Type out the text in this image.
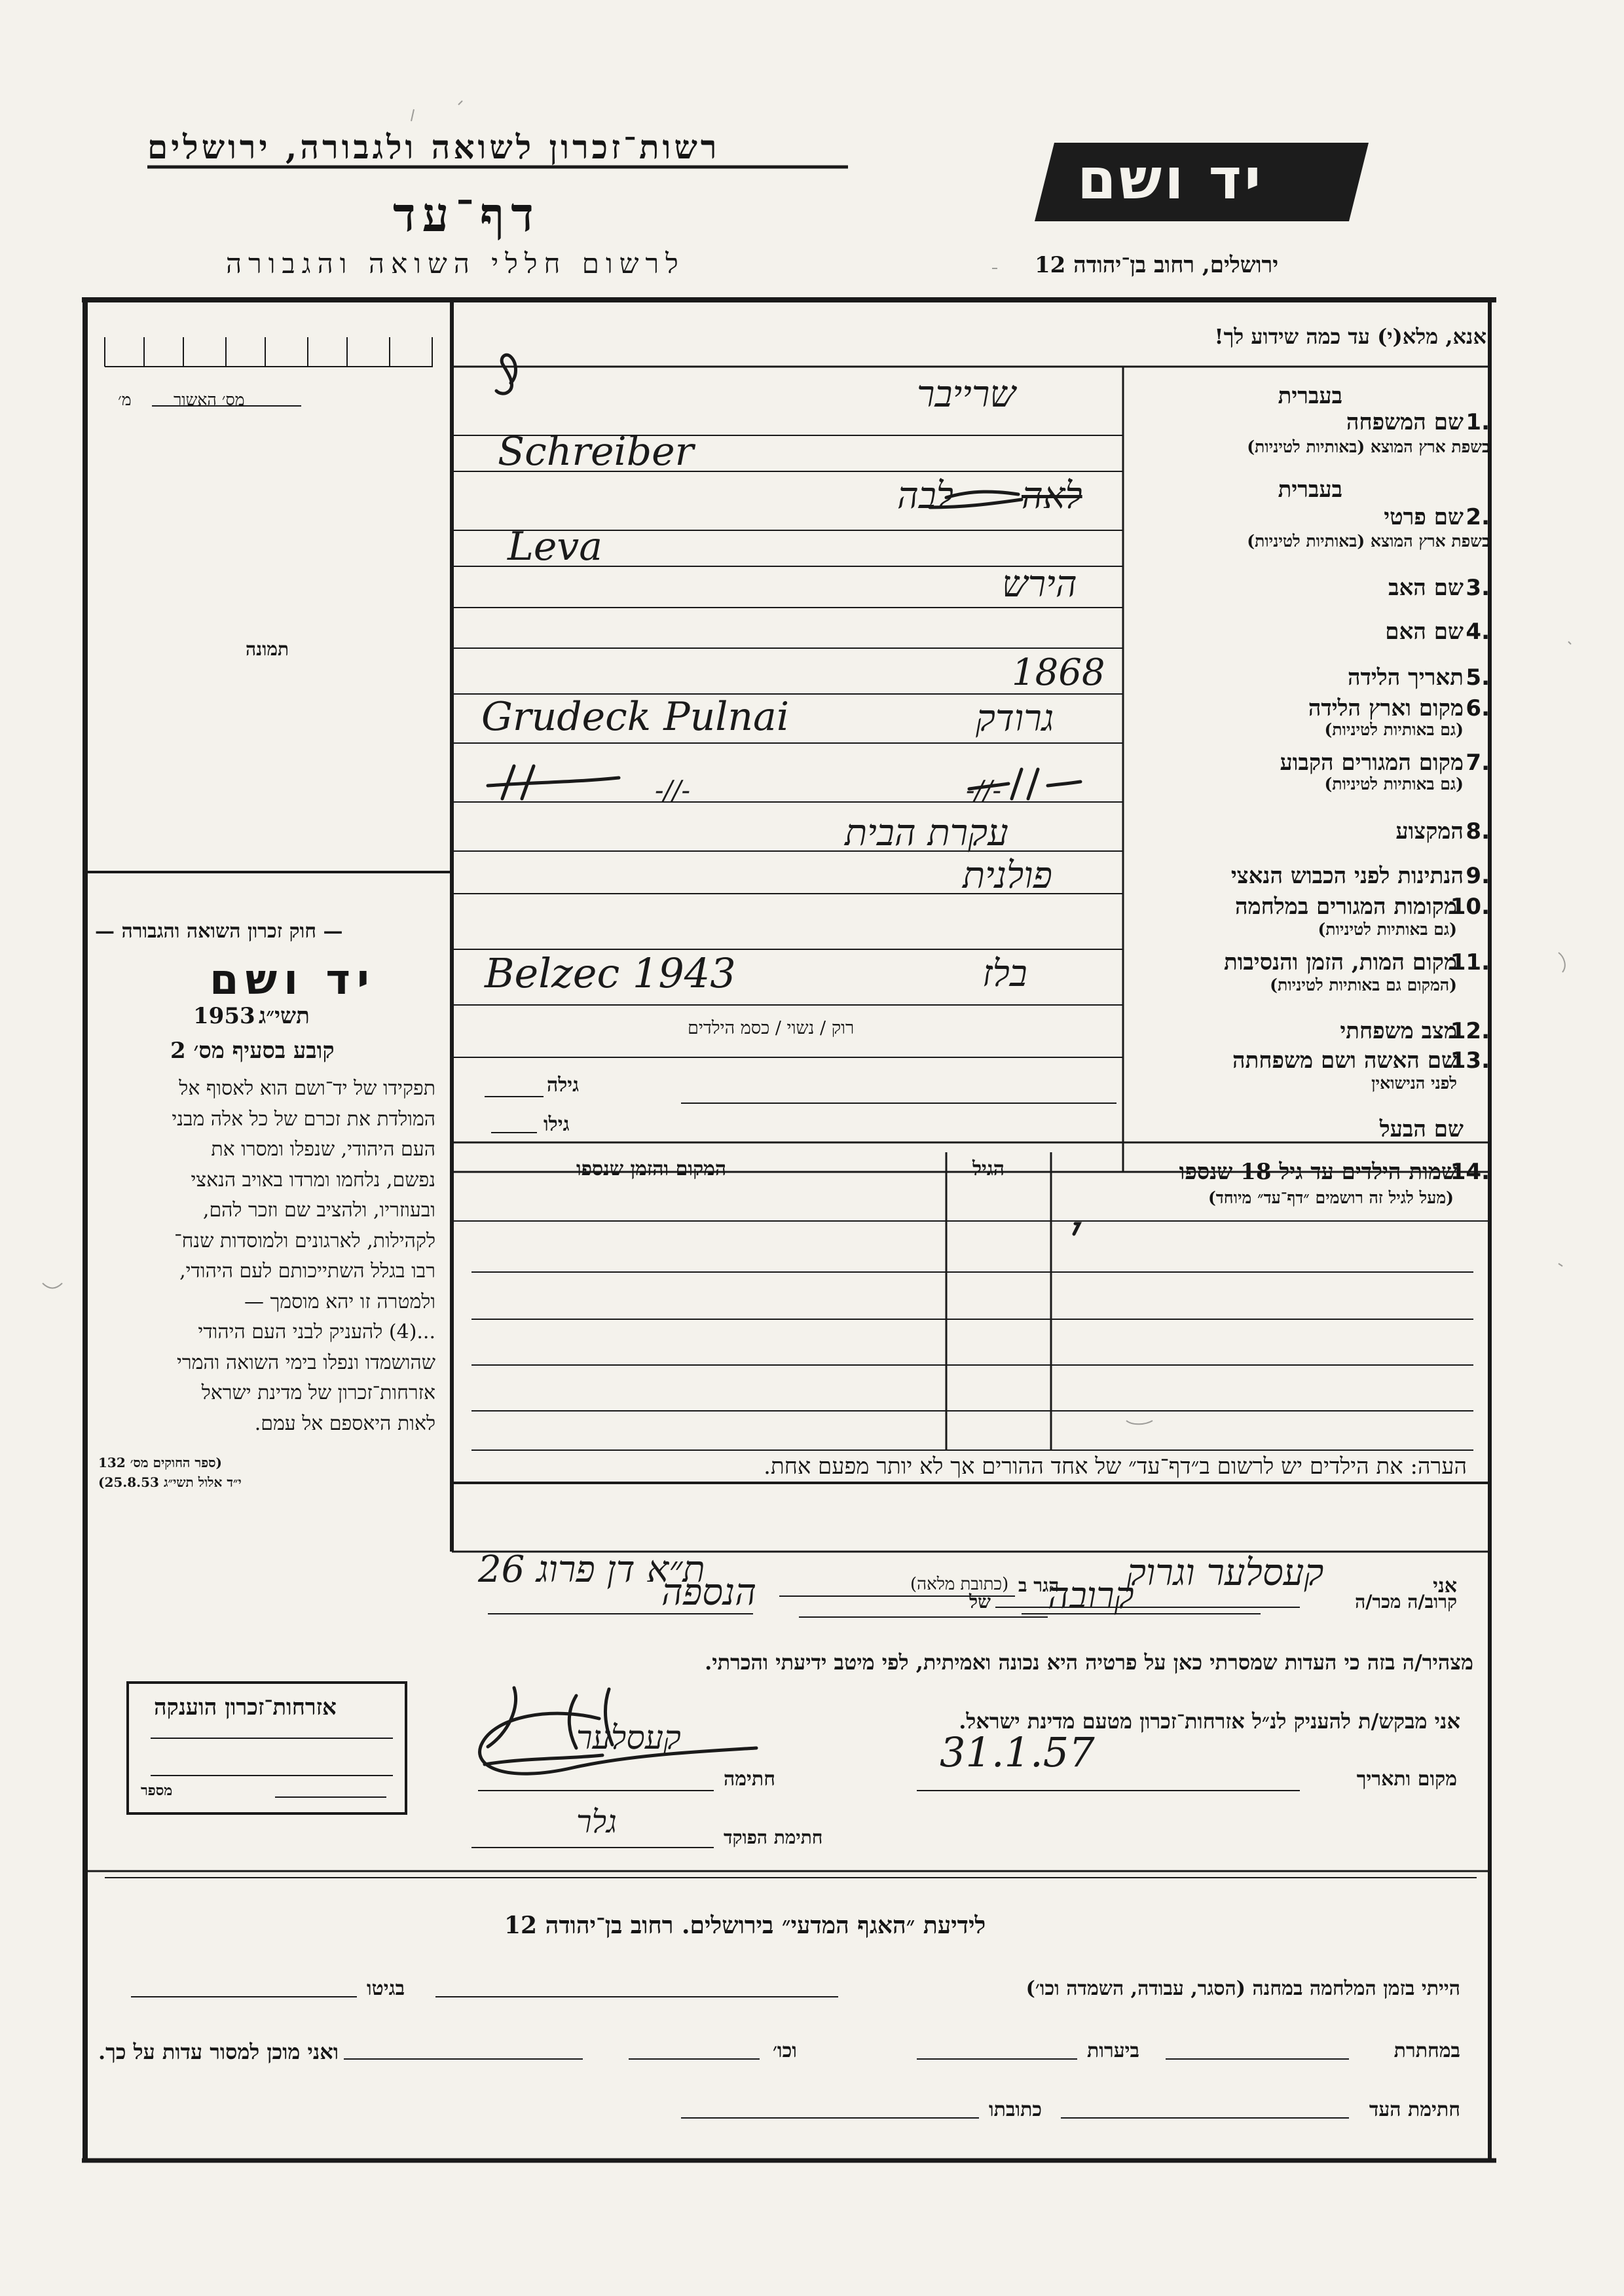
רשות־זכרון לשואה ולגבורה, ירושלים
דף־עד
לרשום חללי השואה והגבורה
יד ושם
ירושלים, רחוב בן־יהודה 12
אנא, מלא(י) עד כמה שידוע לך!
מס׳ האשור
מ׳
תמונה
בעברית
1.
שם המשפחה
בשפת ארץ המוצא (באותיות לטיניות)
שרייבר
Schreiber
בעברית
2.
שם פרטי
בשפת ארץ המוצא (באותיות לטיניות)
לבה לאה
Leva
3.
שם האב
הירש
4.
שם האם
5.
תאריך הלידה
1868
6.
מקום וארץ הלידה
(גם באותיות לטיניות)
גרודק
Grudeck Pulnai
7.
מקום המגורים הקבוע
(גם באותיות לטיניות)
-//-
-//-
8.
המקצוע
עקרת הבית
9.
הנתינות לפני הכבוש הנאצי
פולנית
10.
מקומות המגורים במלחמה
(גם באותיות לטיניות)
11.
מקום המות, הזמן והנסיבות
(המקום גם באותיות לטיניות)
בלז
Belzec 1943
רוק / נשוי / כסמ הילדים	12.
מצב משפחתי
13.
שם האשה ושם משפחתה
לפני הנישואין
גילה
שם הבעל
גילו
14.
שמות הילדים עד גיל 18 שנספו
(מעל לגיל זה רושמים ״דף־עד״ מיוחד)
הגיל
המקום והזמן שנספו
הערה: את הילדים יש לרשום ב״דף־עד״ של אחד ההורים אך לא יותר מפעם אחת.
— חוק זכרון השואה והגבורה —
יד ושם
1953 תשי״ג
קובע בסעיף מס׳ 2
תפקידו של יד־ושם הוא לאסוף אל
המולדת את זכרם של כל אלה מבני
העם היהודי, שנפלו ומסרו את
נפשם, נלחמו ומרדו באויב הנאצי
ובעוזריו, ולהציב שם וזכר להם,
לקהילות, לארגונים ולמוסדות שנח־
רבו בגלל השתייכותם לעם היהודי,
ולמטרה זו יהא מוסמך —
...(4) להעניק לבני העם היהודי
שהושמדו ונפלו בימי השואה והמרי
אזרחות־זכרון של מדינת ישראל
לאות היאספם אל עמם.
(ספר החוקים מס׳ 132
י״ד אלול תשי״ג 25.8.53)
אזרחות־זכרון הוענקה
מספר
אני
קעסלער וגרוק
הגר ב
(כתובת מלאה)
ת״א דן פרוג 26
קרוב/ה מכר/ה
קרובה
של
הנספה
מצהיר/ה בזה כי העדות שמסרתי כאן על פרטיה היא נכונה ואמיתית, לפי מיטב ידיעתי והכרתי.
אני מבקש/ת להעניק לנ״ל אזרחות־זכרון מטעם מדינת ישראל.
מקום ותאריך
31.1.57
חתימה
קעסלער
חתימת הפוקד
גלר
לידיעת ״האגף המדעי״ בירושלים. רחוב בן־יהודה 12
הייתי בזמן המלחמה במחנה (הסגר, עבודה, השמדה וכו׳)
בגיטו
במחתרת
ביערות
וכו׳
ואני מוכן למסור עדות על כך.
חתימת העד
כתובתו
